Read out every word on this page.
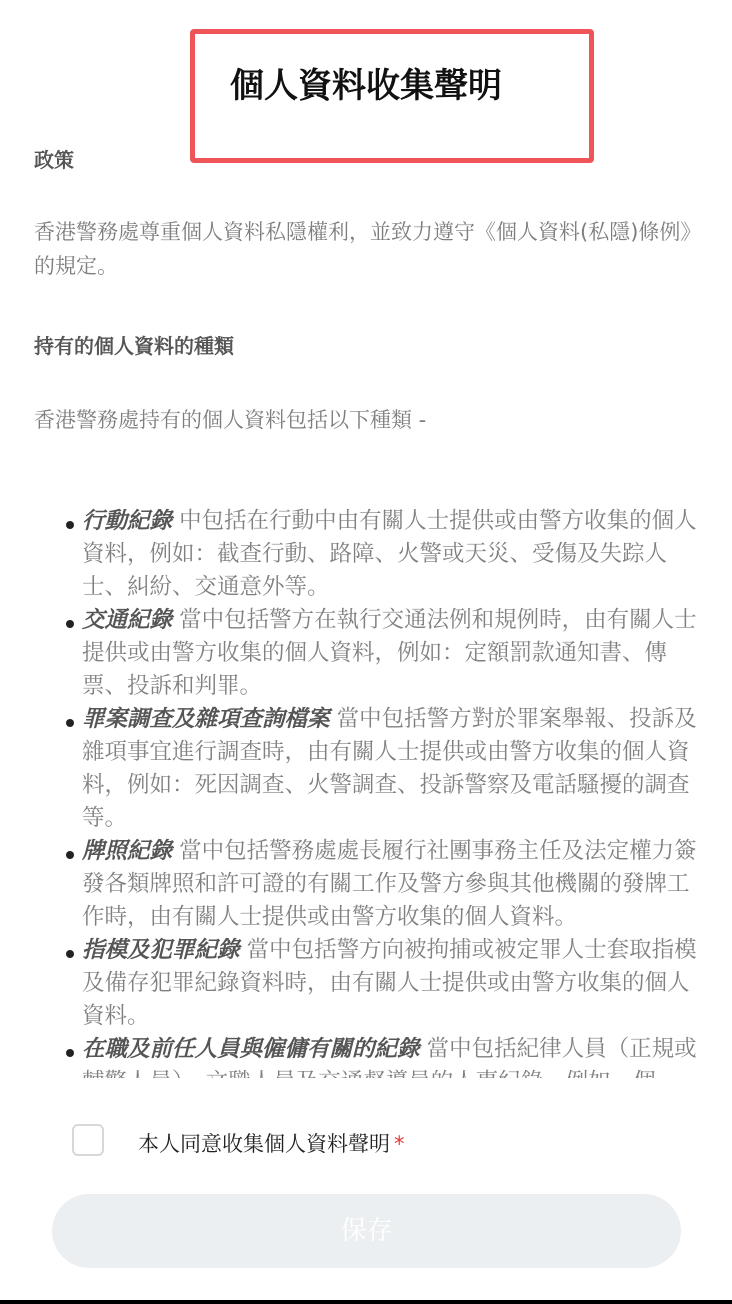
個人資料收集聲明
政策
香港警務處尊重個人資料私隱權利，並致力遵守《個人資料(私隱)條例》的規定。
持有的個人資料的種類
香港警務處持有的個人資料包括以下種類 -
行動紀錄 中包括在行動中由有關人士提供或由警方收集的個人資料，例如：截查行動、路障、火警或天災、受傷及失踪人士、糾紛、交通意外等。
交通紀錄 當中包括警方在執行交通法例和規例時，由有關人士提供或由警方收集的個人資料，例如：定額罰款通知書、傳票、投訴和判罪。
罪案調查及雜項查詢檔案 當中包括警方對於罪案舉報、投訴及雜項事宜進行調查時，由有關人士提供或由警方收集的個人資料，例如：死因調查、火警調查、投訴警察及電話騷擾的調查等。
牌照紀錄 當中包括警務處處長履行社團事務主任及法定權力簽發各類牌照和許可證的有關工作及警方參與其他機關的發牌工作時，由有關人士提供或由警方收集的個人資料。
指模及犯罪紀錄 當中包括警方向被拘捕或被定罪人士套取指模及備存犯罪紀錄資料時，由有關人士提供或由警方收集的個人資料。
在職及前任人員與僱傭有關的紀錄 當中包括紀律人員（正規或
本人同意收集個人資料聲明 *
保存
